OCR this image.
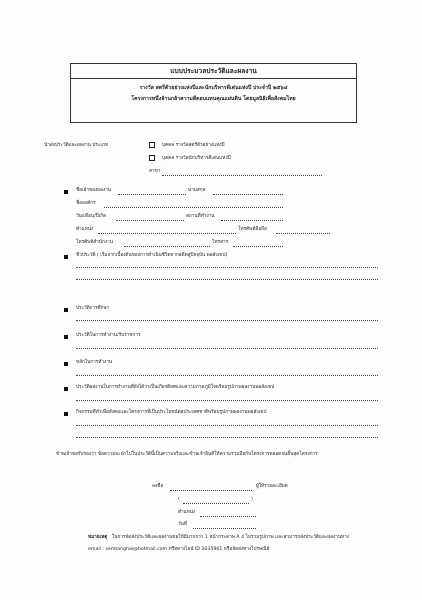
แบบประมวลประวัติและผลงาน
รางวัล สตรีตัวอย่างแห่งปีและนักบริหารดีเด่นแห่งปี ประจำปี ๒๕๖๔
โครงการหนึ่งล้านกล้าความดีตอบแทนคุณแผ่นดิน โดยมูลนิธิเพื่อสังคมไทย
นำส่งประวัติและผลงาน ประเภท	บุคคล รางวัลสตรีตัวอย่างแห่งปี
บุคคล รางวัลนักบริหารดีเด่นแห่งปี
สาขา
ชื่อเจ้าของผลงาน	นามสกุล
ชื่อองค์กร
วัน/เดือน/ปีเกิด	สถานที่ทำงาน
ตำแหน่ง	โทรศัพท์มือถือ
โทรศัพท์สำนักงาน	โทรสาร
ชีวประวัติ ( เริ่มจากเบื้องต้นของการดำเนินชีวิตจากอดีตสู่ปัจจุบัน พอสังเขป)
ประวัติการศึกษา
ประวัติในการทำงาน/รับราชการ
หลักในการทำงาน
ประวัติผลงานในการทำงานที่ยังได้ว่าเป็นเกียรติยศและความภาคภูมิใจพร้อมรูปภาพผลงานพอสังเขป
กิจกรรมที่ทำเพื่อสังคมและโครงการที่เป็นประโยชน์ต่อประเทศชาติพร้อมรูปภาพผลงานพอสังเขป
ข้าพเจ้าขอรับรองว่า ข้อความจะนำไปในประวัตินี้เป็นความจริงและข้าพเจ้ายินดีให้ความร่วมมือกับโครงการตลอดจนสิ้นสุดโครงการ
ลงชื่อ	ผู้ให้รายละเอียด
(	)
ตำแหน่ง
วันที่
หมายเหตุ ในการจัดส่งประวัติและผลงานขอให้มีมากกว่า 1 หน้ากระดาษ A 4 ไม่รวมรูปภาพ และสามารถส่งประวัติและผลงานทาง
email : semtanghai@hotmail.com หรือทางไลน์ ID 3035961 หรือจัดส่งทางไปรษณีย์
